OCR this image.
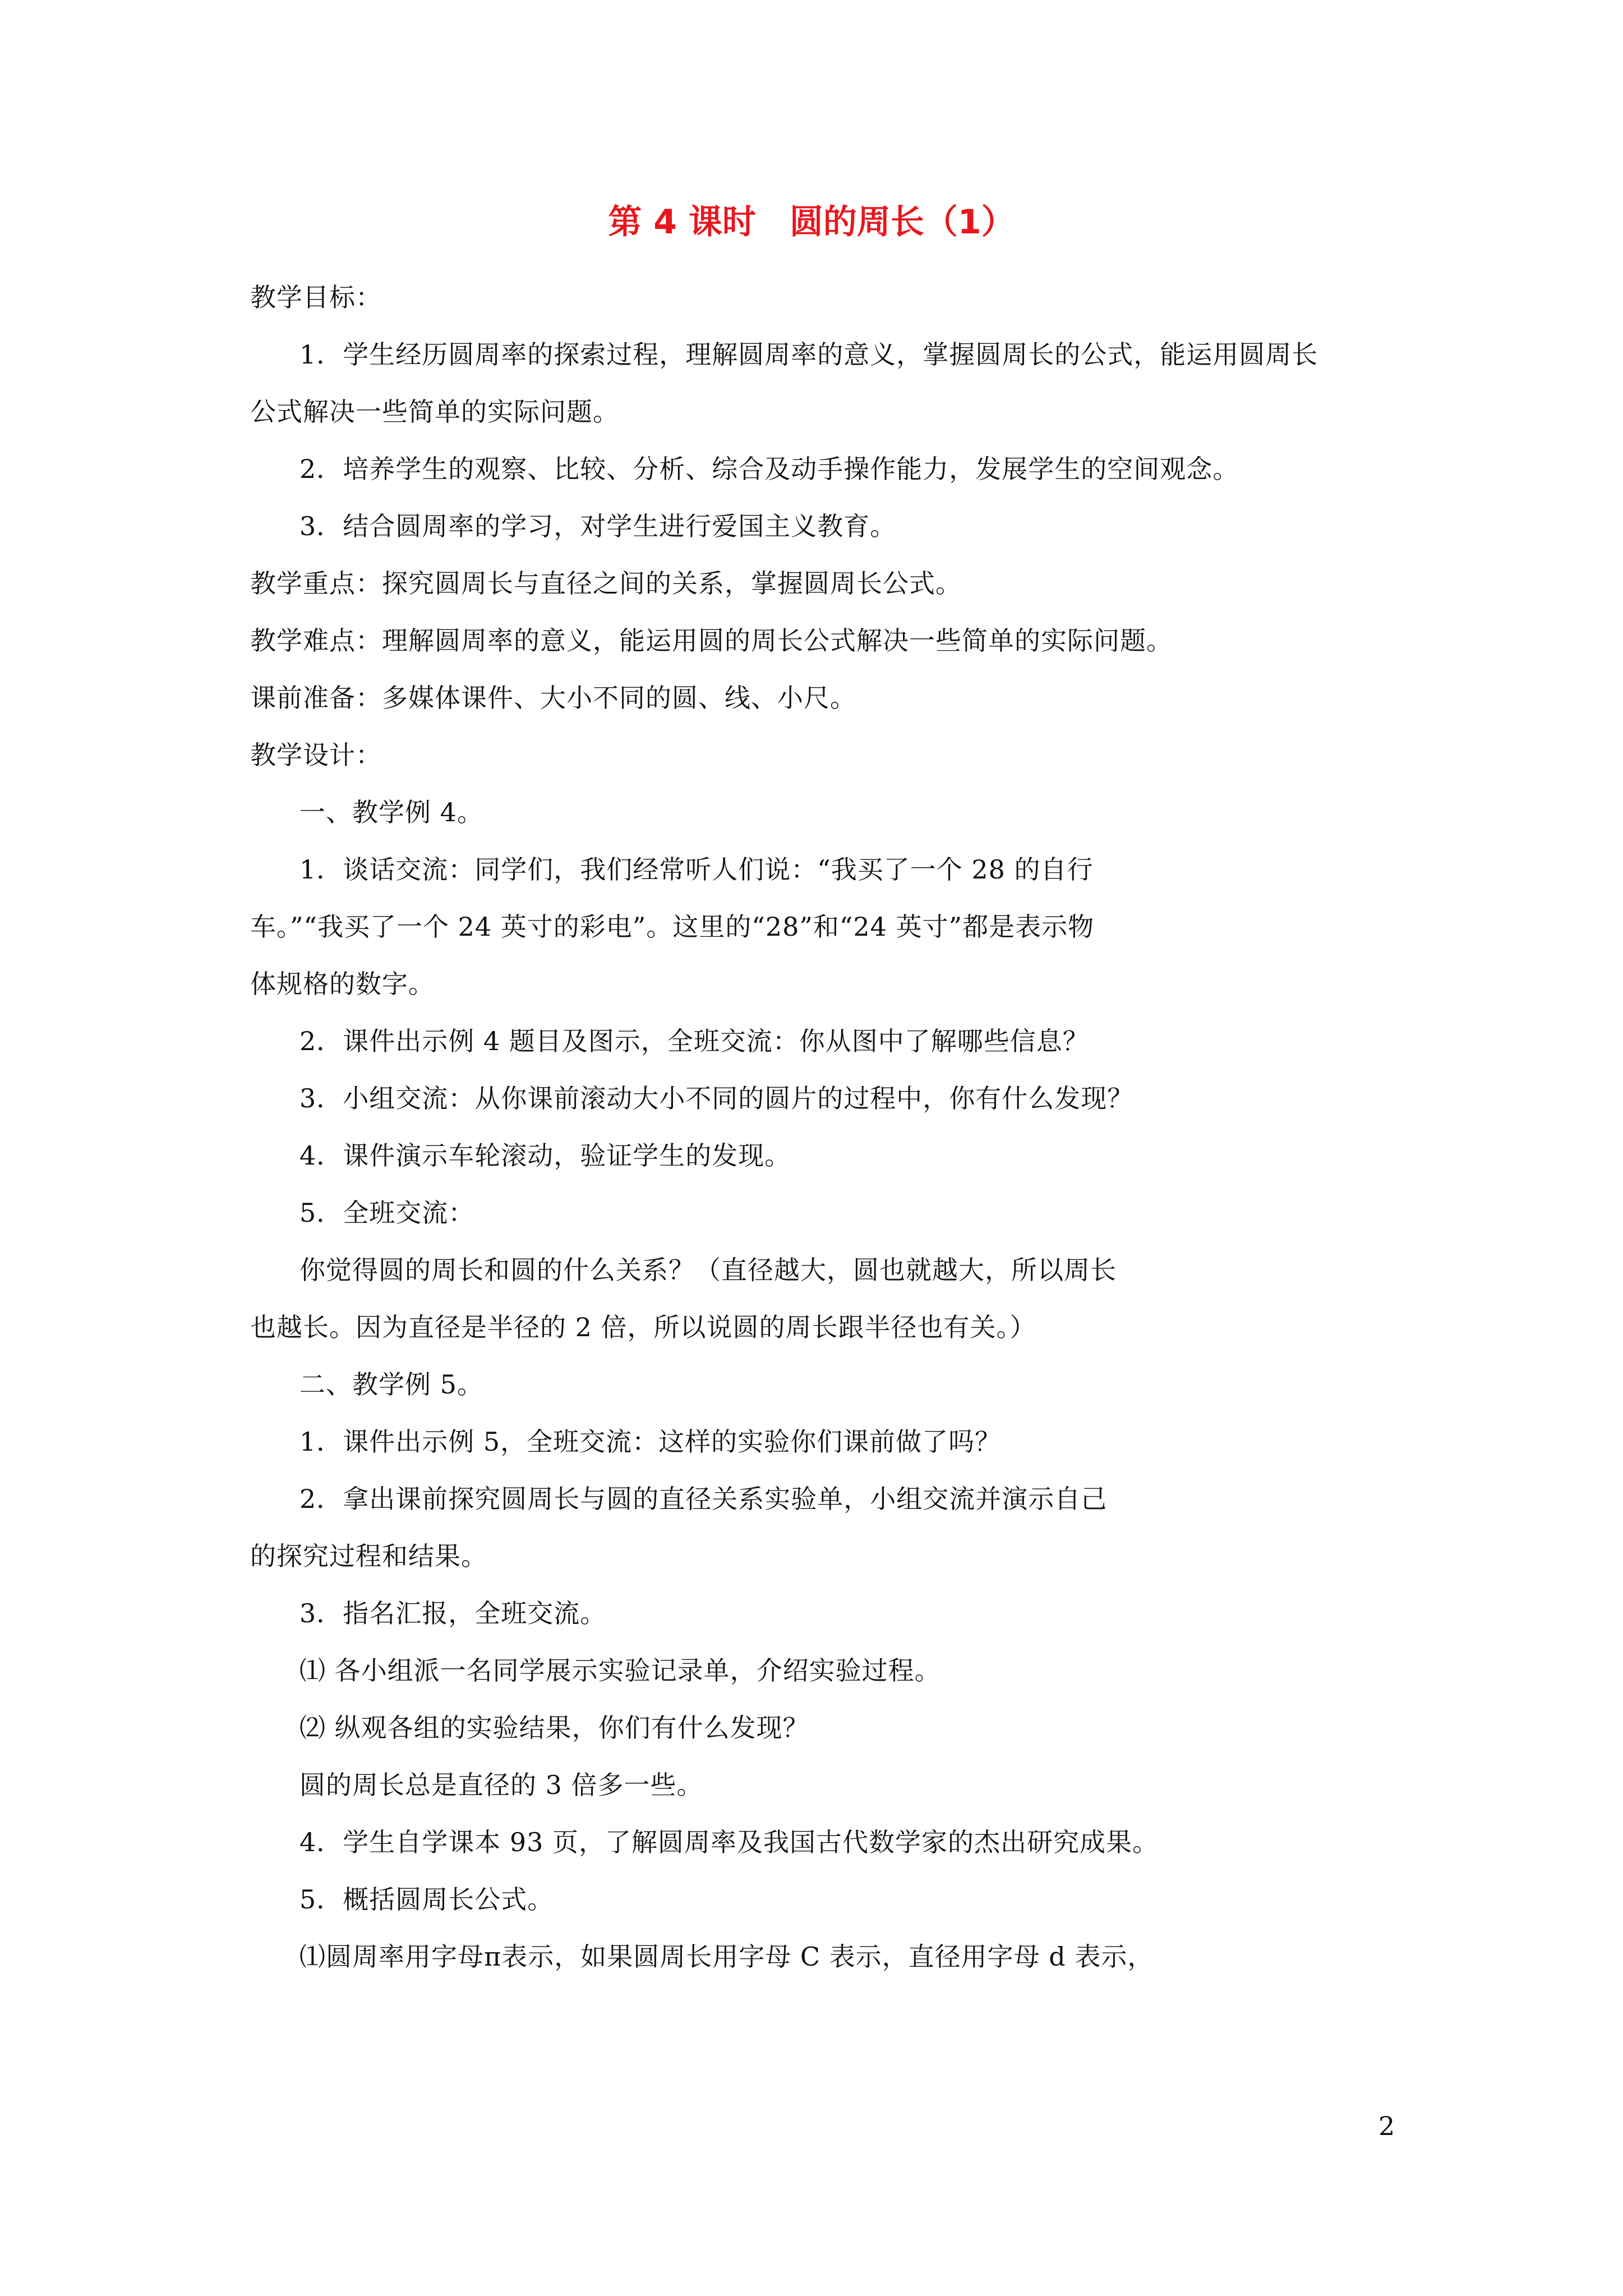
第 4 课时　圆的周长（1）
教学目标：
1．学生经历圆周率的探索过程，理解圆周率的意义，掌握圆周长的公式，能运用圆周长
公式解决一些简单的实际问题。
2．培养学生的观察、比较、分析、综合及动手操作能力，发展学生的空间观念。
3．结合圆周率的学习，对学生进行爱国主义教育。
教学重点：探究圆周长与直径之间的关系，掌握圆周长公式。
教学难点：理解圆周率的意义，能运用圆的周长公式解决一些简单的实际问题。
课前准备：多媒体课件、大小不同的圆、线、小尺。
教学设计：
一、教学例 4。
1．谈话交流：同学们，我们经常听人们说：“我买了一个 28 的自行
车。”“我买了一个 24 英寸的彩电”。这里的“28”和“24 英寸”都是表示物
体规格的数字。
2．课件出示例 4 题目及图示，全班交流：你从图中了解哪些信息？
3．小组交流：从你课前滚动大小不同的圆片的过程中，你有什么发现？
4．课件演示车轮滚动，验证学生的发现。
5．全班交流：
你觉得圆的周长和圆的什么关系？（直径越大，圆也就越大，所以周长
也越长。因为直径是半径的 2 倍，所以说圆的周长跟半径也有关。）
二、教学例 5。
1．课件出示例 5，全班交流：这样的实验你们课前做了吗？
2．拿出课前探究圆周长与圆的直径关系实验单，小组交流并演示自己
的探究过程和结果。
3．指名汇报，全班交流。
⑴ 各小组派一名同学展示实验记录单，介绍实验过程。
⑵ 纵观各组的实验结果，你们有什么发现？
圆的周长总是直径的 3 倍多一些。
4．学生自学课本 93 页，了解圆周率及我国古代数学家的杰出研究成果。
5．概括圆周长公式。
⑴圆周率用字母π表示，如果圆周长用字母 C 表示，直径用字母 d 表示，
2
